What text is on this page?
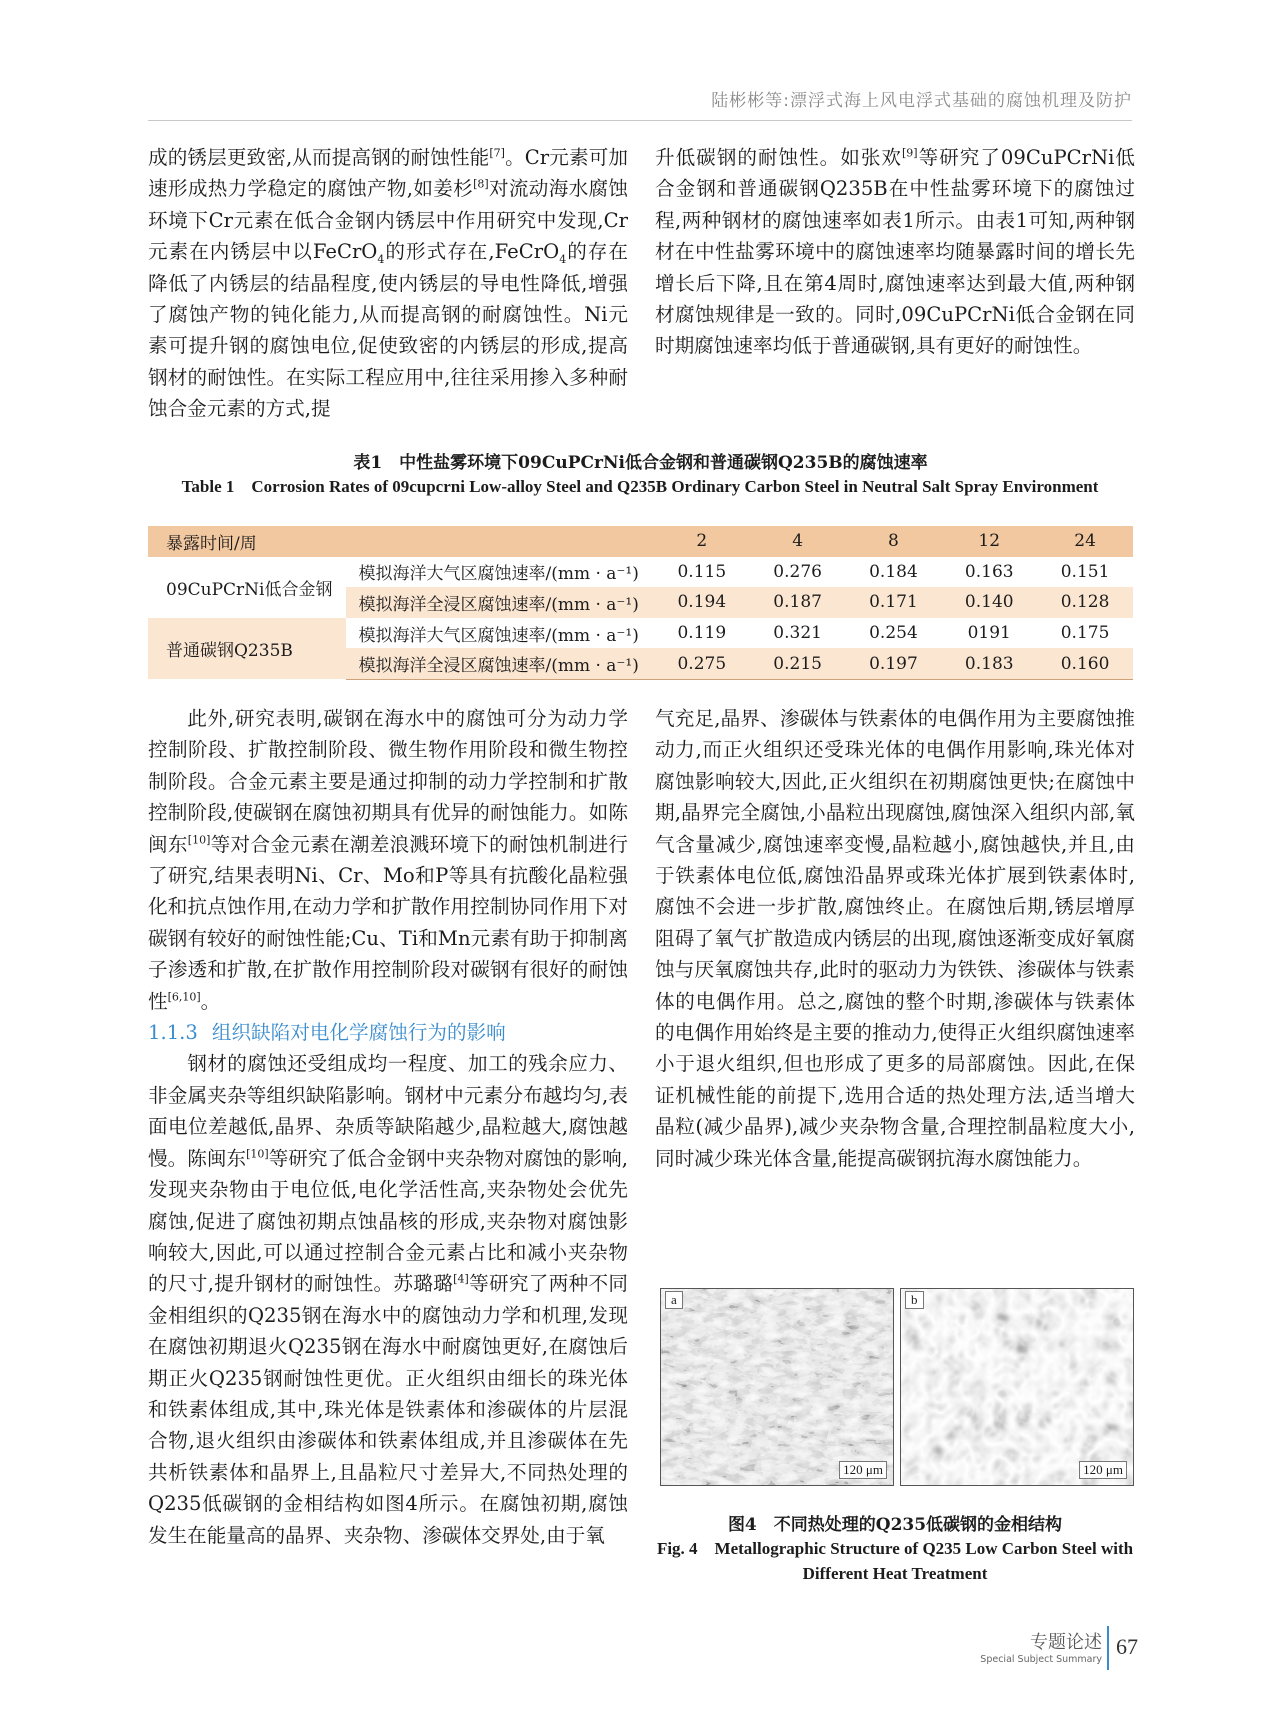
陆彬彬等:漂浮式海上风电浮式基础的腐蚀机理及防护

成的锈层更致密,从而提高钢的耐蚀性能[7]。Cr元素可加速形成热力学稳定的腐蚀产物,如姜杉[8]对流动海水腐蚀环境下Cr元素在低合金钢内锈层中作用研究中发现,Cr元素在内锈层中以FeCrO$_4$的形式存在,FeCrO$_4$的存在降低了内锈层的结晶程度,使内锈层的导电性降低,增强了腐蚀产物的钝化能力,从而提高钢的耐腐蚀性。Ni元素可提升钢的腐蚀电位,促使致密的内锈层的形成,提高钢材的耐蚀性。在实际工程应用中,往往采用掺入多种耐蚀合金元素的方式,提

升低碳钢的耐蚀性。如张欢[9]等研究了09CuPCrNi低合金钢和普通碳钢Q235B在中性盐雾环境下的腐蚀过程,两种钢材的腐蚀速率如表1所示。由表1可知,两种钢材在中性盐雾环境中的腐蚀速率均随暴露时间的增长先增长后下降,且在第4周时,腐蚀速率达到最大值,两种钢材腐蚀规律是一致的。同时,09CuPCrNi低合金钢在同时期腐蚀速率均低于普通碳钢,具有更好的耐蚀性。

表1　中性盐雾环境下09CuPCrNi低合金钢和普通碳钢Q235B的腐蚀速率
Table 1　Corrosion Rates of 09cupcrni Low-alloy Steel and Q235B Ordinary Carbon Steel in Neutral Salt Spray Environment
暴露时间/周		2	4	8	12	24
09CuPCrNi低合金钢	模拟海洋大气区腐蚀速率/(mm · a⁻¹)	0.115	0.276	0.184	0.163	0.151
	模拟海洋全浸区腐蚀速率/(mm · a⁻¹)	0.194	0.187	0.171	0.140	0.128
普通碳钢Q235B	模拟海洋大气区腐蚀速率/(mm · a⁻¹)	0.119	0.321	0.254	0191	0.175
	模拟海洋全浸区腐蚀速率/(mm · a⁻¹)	0.275	0.215	0.197	0.183	0.160

此外,研究表明,碳钢在海水中的腐蚀可分为动力学控制阶段、扩散控制阶段、微生物作用阶段和微生物控制阶段。合金元素主要是通过抑制的动力学控制和扩散控制阶段,使碳钢在腐蚀初期具有优异的耐蚀能力。如陈闽东[10]等对合金元素在潮差浪溅环境下的耐蚀机制进行了研究,结果表明Ni、Cr、Mo和P等具有抗酸化晶粒强化和抗点蚀作用,在动力学和扩散作用控制协同作用下对碳钢有较好的耐蚀性能;Cu、Ti和Mn元素有助于抑制离子渗透和扩散,在扩散作用控制阶段对碳钢有很好的耐蚀性[6,10]。

1.1.3 组织缺陷对电化学腐蚀行为的影响

钢材的腐蚀还受组成均一程度、加工的残余应力、非金属夹杂等组织缺陷影响。钢材中元素分布越均匀,表面电位差越低,晶界、杂质等缺陷越少,晶粒越大,腐蚀越慢。陈闽东[10]等研究了低合金钢中夹杂物对腐蚀的影响,发现夹杂物由于电位低,电化学活性高,夹杂物处会优先腐蚀,促进了腐蚀初期点蚀晶核的形成,夹杂物对腐蚀影响较大,因此,可以通过控制合金元素占比和减小夹杂物的尺寸,提升钢材的耐蚀性。苏璐璐[4]等研究了两种不同金相组织的Q235钢在海水中的腐蚀动力学和机理,发现在腐蚀初期退火Q235钢在海水中耐腐蚀更好,在腐蚀后期正火Q235钢耐蚀性更优。正火组织由细长的珠光体和铁素体组成,其中,珠光体是铁素体和渗碳体的片层混合物,退火组织由渗碳体和铁素体组成,并且渗碳体在先共析铁素体和晶界上,且晶粒尺寸差异大,不同热处理的Q235低碳钢的金相结构如图4所示。在腐蚀初期,腐蚀发生在能量高的晶界、夹杂物、渗碳体交界处,由于氧

气充足,晶界、渗碳体与铁素体的电偶作用为主要腐蚀推动力,而正火组织还受珠光体的电偶作用影响,珠光体对腐蚀影响较大,因此,正火组织在初期腐蚀更快;在腐蚀中期,晶界完全腐蚀,小晶粒出现腐蚀,腐蚀深入组织内部,氧气含量减少,腐蚀速率变慢,晶粒越小,腐蚀越快,并且,由于铁素体电位低,腐蚀沿晶界或珠光体扩展到铁素体时,腐蚀不会进一步扩散,腐蚀终止。在腐蚀后期,锈层增厚阻碍了氧气扩散造成内锈层的出现,腐蚀逐渐变成好氧腐蚀与厌氧腐蚀共存,此时的驱动力为铁铁、渗碳体与铁素体的电偶作用。总之,腐蚀的整个时期,渗碳体与铁素体的电偶作用始终是主要的推动力,使得正火组织腐蚀速率小于退火组织,但也形成了更多的局部腐蚀。因此,在保证机械性能的前提下,选用合适的热处理方法,适当增大晶粒(减少晶界),减少夹杂物含量,合理控制晶粒度大小,同时减少珠光体含量,能提高碳钢抗海水腐蚀能力。

a
120 μm
b
120 μm
图4　不同热处理的Q235低碳钢的金相结构
Fig. 4　Metallographic Structure of Q235 Low Carbon Steel with Different Heat Treatment
专题论述
Special Subject Summary
67
